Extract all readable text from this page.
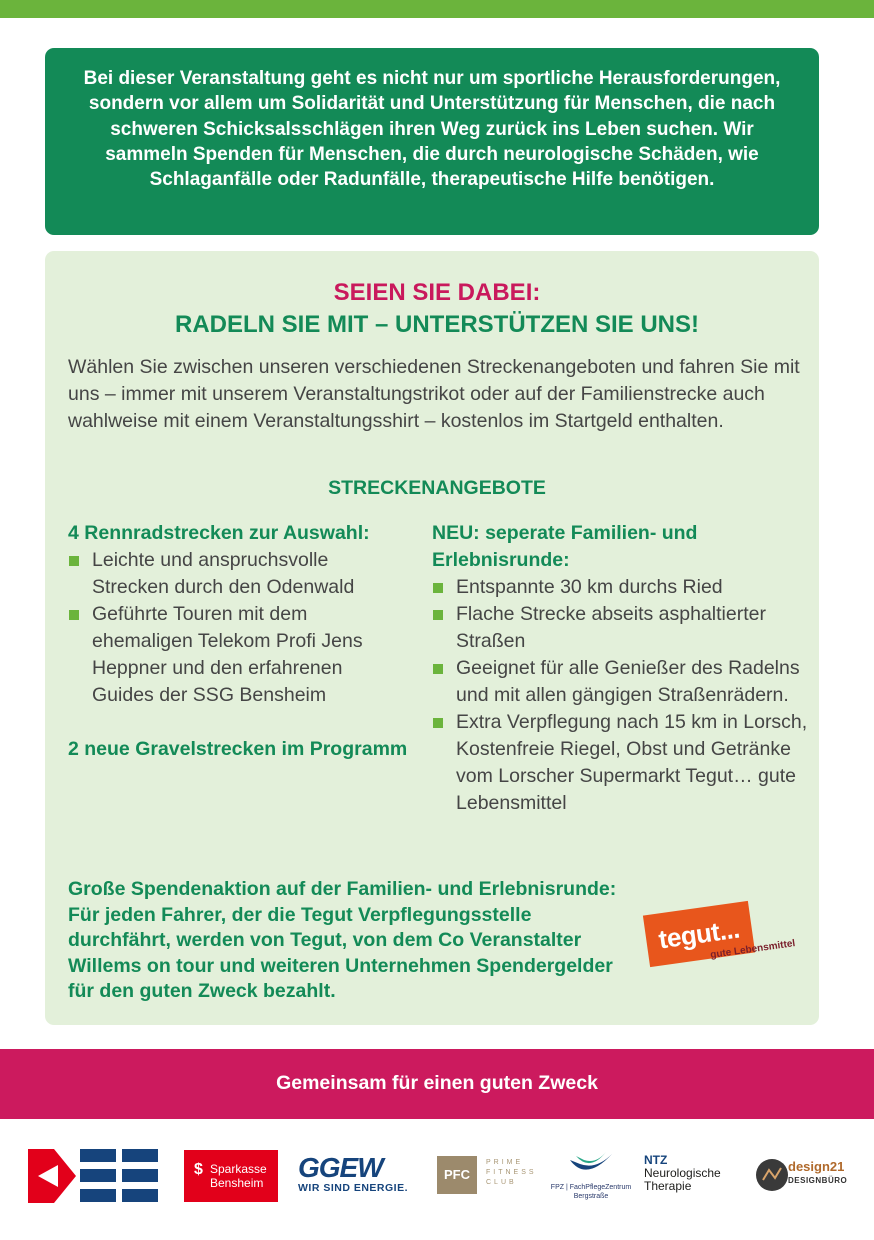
Bei dieser Veranstaltung geht es nicht nur um sportliche Herausforderungen, sondern vor allem um Solidarität und Unterstützung für Menschen, die nach schweren Schicksalsschlägen ihren Weg zurück ins Leben suchen. Wir sammeln Spenden für Menschen, die durch neurologische Schäden, wie Schlaganfälle oder Radunfälle, therapeutische Hilfe benötigen.
SEIEN SIE DABEI:
RADELN SIE MIT – UNTERSTÜTZEN SIE UNS!
Wählen Sie zwischen unseren verschiedenen Streckenangeboten und fahren Sie mit uns – immer mit unserem Veranstaltungstrikot oder auf der Familienstrecke auch wahlweise mit einem Veranstaltungsshirt – kostenlos im Startgeld enthalten.
STRECKENANGEBOTE
4 Rennradstrecken zur Auswahl:
Leichte und anspruchsvolle Strecken durch den Odenwald
Geführte Touren mit dem ehemaligen Telekom Profi Jens Heppner und den erfahrenen Guides der SSG Bensheim
2 neue Gravelstrecken im Programm
NEU: seperate Familien- und Erlebnisrunde:
Entspannte 30 km durchs Ried
Flache Strecke abseits asphaltierter Straßen
Geeignet für alle Genießer des Radelns und mit allen gängigen Straßenrädern.
Extra Verpflegung nach 15 km in Lorsch, Kostenfreie Riegel, Obst und Getränke vom Lorscher Supermarkt Tegut… gute Lebensmittel
Große Spendenaktion auf der Familien- und Erlebnisrunde: Für jeden Fahrer, der die Tegut Verpflegungsstelle durchfährt, werden von Tegut, von dem Co Veranstalter Willems on tour und weiteren Unternehmen Spendergelder für den guten Zweck bezahlt.
tegut...
gute Lebensmittel
Gemeinsam für einen guten Zweck
$ Sparkasse
Bensheim	GGEW
WIR SIND ENERGIE.
PFC
PRIME FITNESS CLUB
FPZ | FachPflegeZentrum Bergstraße
NTZ
Neurologische
Therapie
design21
DESIGNBÜRO
